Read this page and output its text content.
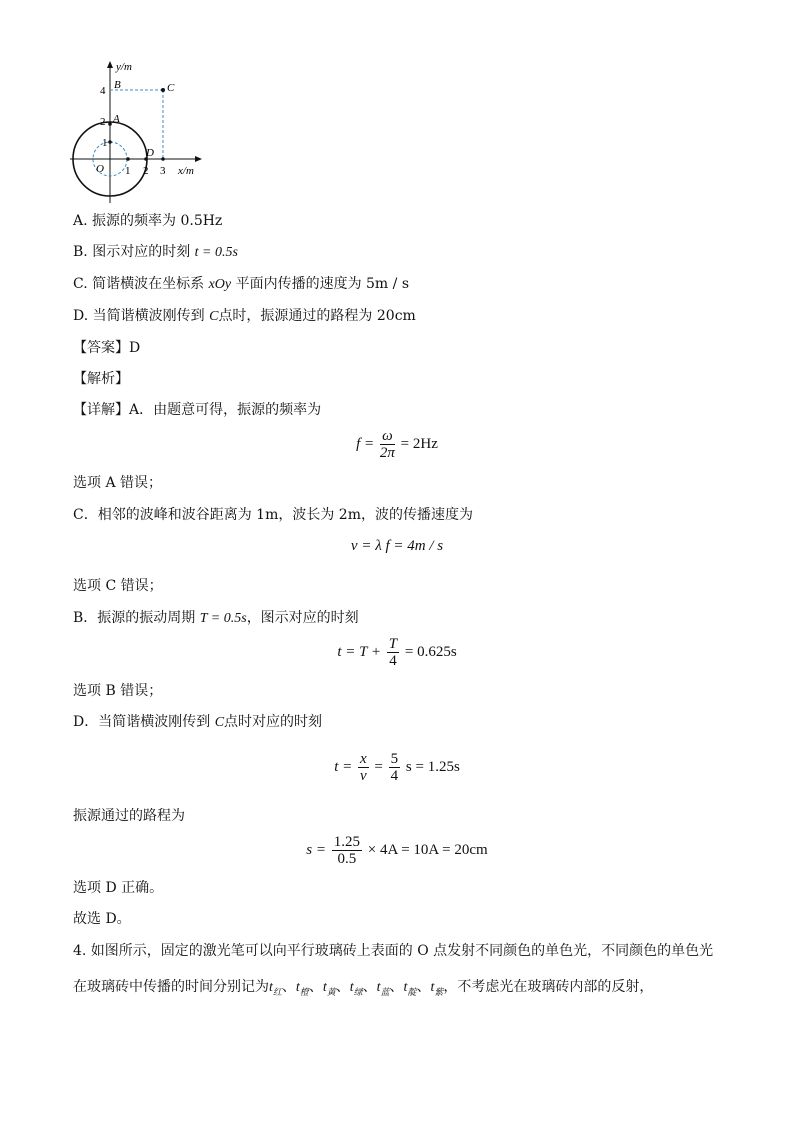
y/m
x/m
O
4
2
1
1 2 3
A
B	C
D
A. 振源的频率为 0.5Hz
B. 图示对应的时刻 t = 0.5s
C. 简谐横波在坐标系 xOy 平面内传播的速度为 5m / s
D. 当简谐横波刚传到 C点时，振源通过的路程为 20cm
【答案】D
【解析】
【详解】A．由题意可得，振源的频率为
$f = \frac{\omega}{2\pi} = 2Hz$
选项 A 错误；
C．相邻的波峰和波谷距离为 1m，波长为 2m，波的传播速度为
v = λ f = 4m / s
选项 C 错误；
B．振源的振动周期 T = 0.5s，图示对应的时刻
$t = T + \frac{T}{4} = 0.625s$
选项 B 错误；
D．当简谐横波刚传到 C点时对应的时刻
$t = \frac{x}{v} = \frac{5}{4}$ s = 1.25s
振源通过的路程为
$s = \frac{1.25}{0.5} \times 4A = 10A = 20cm$
选项 D 正确。
故选 D。
4. 如图所示，固定的激光笔可以向平行玻璃砖上表面的 O 点发射不同颜色的单色光，不同颜色的单色光
在玻璃砖中传播的时间分别记为$t_红$、$t_橙$、$t_黄$、$t_绿$、$t_蓝$、$t_靛$、$t_紫$，不考虑光在玻璃砖内部的反射，
